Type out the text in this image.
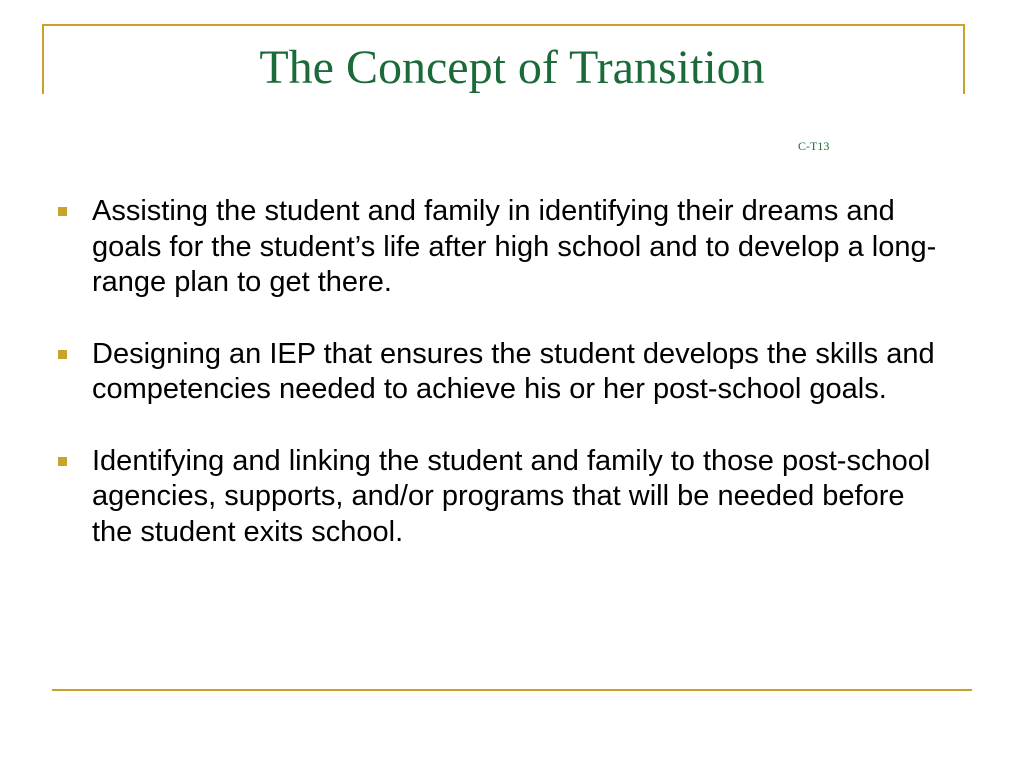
The Concept of Transition
C-T13
Assisting the student and family in identifying their dreams and goals for the student’s life after high school and to develop a long-range plan to get there.
Designing an IEP that ensures the student develops the skills and competencies needed to achieve his or her post-school goals.
Identifying and linking the student and family to those post-school agencies, supports, and/or programs that will be needed before the student exits school.
